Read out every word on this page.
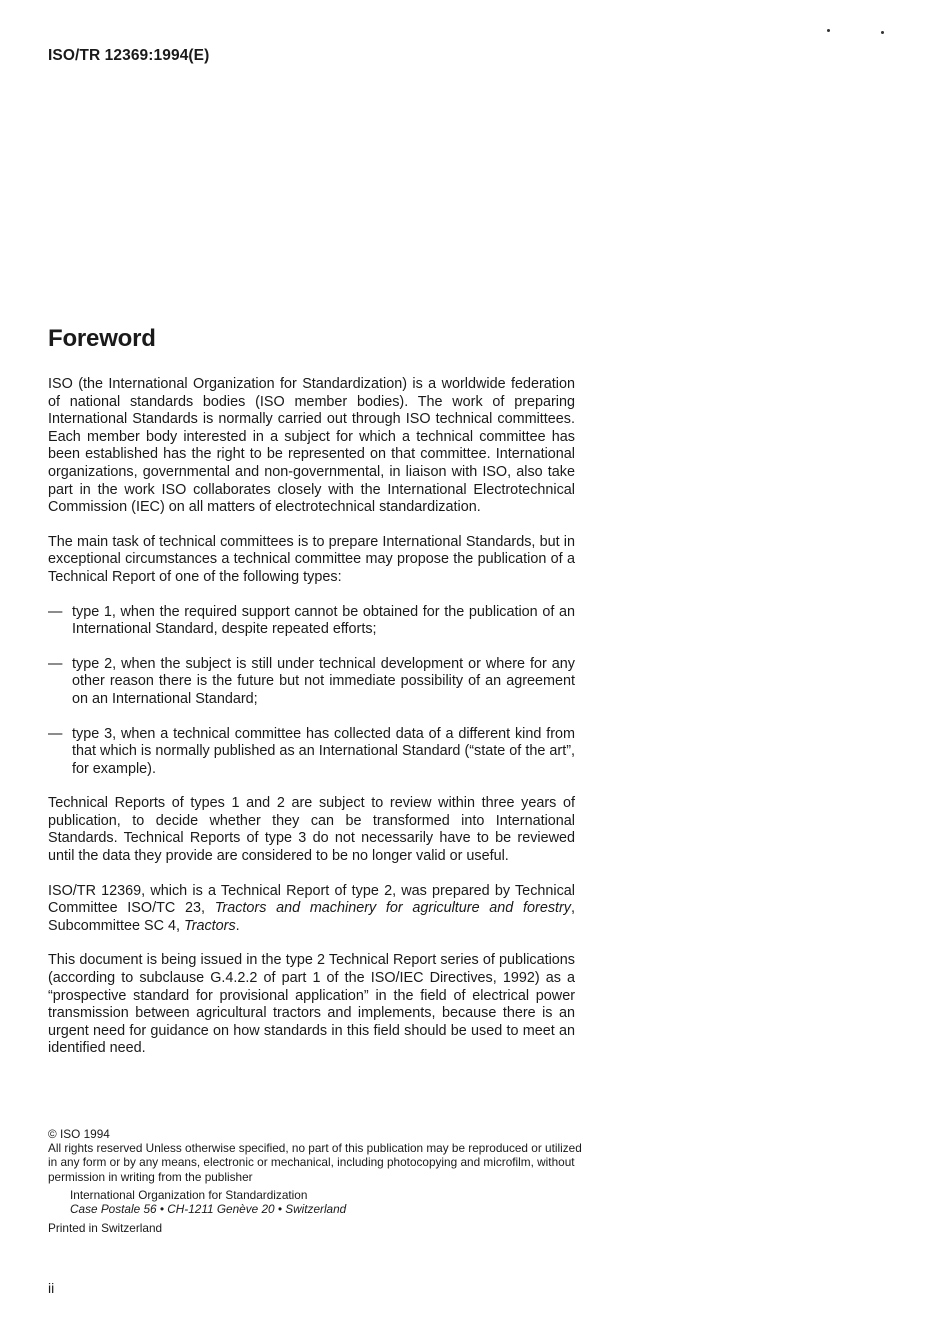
ISO/TR 12369:1994(E)
Foreword

ISO (the International Organization for Standardization) is a worldwide federation of national standards bodies (ISO member bodies). The work of preparing International Standards is normally carried out through ISO technical committees. Each member body interested in a subject for which a technical committee has been established has the right to be represented on that committee. International organizations, governmental and non-governmental, in liaison with ISO, also take part in the work ISO collaborates closely with the International Electrotechnical Commission (IEC) on all matters of electrotechnical standardization.

The main task of technical committees is to prepare International Standards, but in exceptional circumstances a technical committee may propose the publication of a Technical Report of one of the following types:

— type 1, when the required support cannot be obtained for the publication of an International Standard, despite repeated efforts;
— type 2, when the subject is still under technical development or where for any other reason there is the future but not immediate possibility of an agreement on an International Standard;
— type 3, when a technical committee has collected data of a different kind from that which is normally published as an International Standard (“state of the art”, for example).

Technical Reports of types 1 and 2 are subject to review within three years of publication, to decide whether they can be transformed into International Standards. Technical Reports of type 3 do not necessarily have to be reviewed until the data they provide are considered to be no longer valid or useful.

ISO/TR 12369, which is a Technical Report of type 2, was prepared by Technical Committee ISO/TC 23, Tractors and machinery for agriculture and forestry, Subcommittee SC 4, Tractors.

This document is being issued in the type 2 Technical Report series of publications (according to subclause G.4.2.2 of part 1 of the ISO/IEC Directives, 1992) as a “prospective standard for provisional application” in the field of electrical power transmission between agricultural tractors and implements, because there is an urgent need for guidance on how standards in this field should be used to meet an identified need.

© ISO 1994

All rights reserved Unless otherwise specified, no part of this publication may be reproduced or utilized in any form or by any means, electronic or mechanical, including photocopying and microfilm, without permission in writing from the publisher

International Organization for Standardization
Case Postale 56 • CH-1211 Genève 20 • Switzerland

Printed in Switzerland

ii
